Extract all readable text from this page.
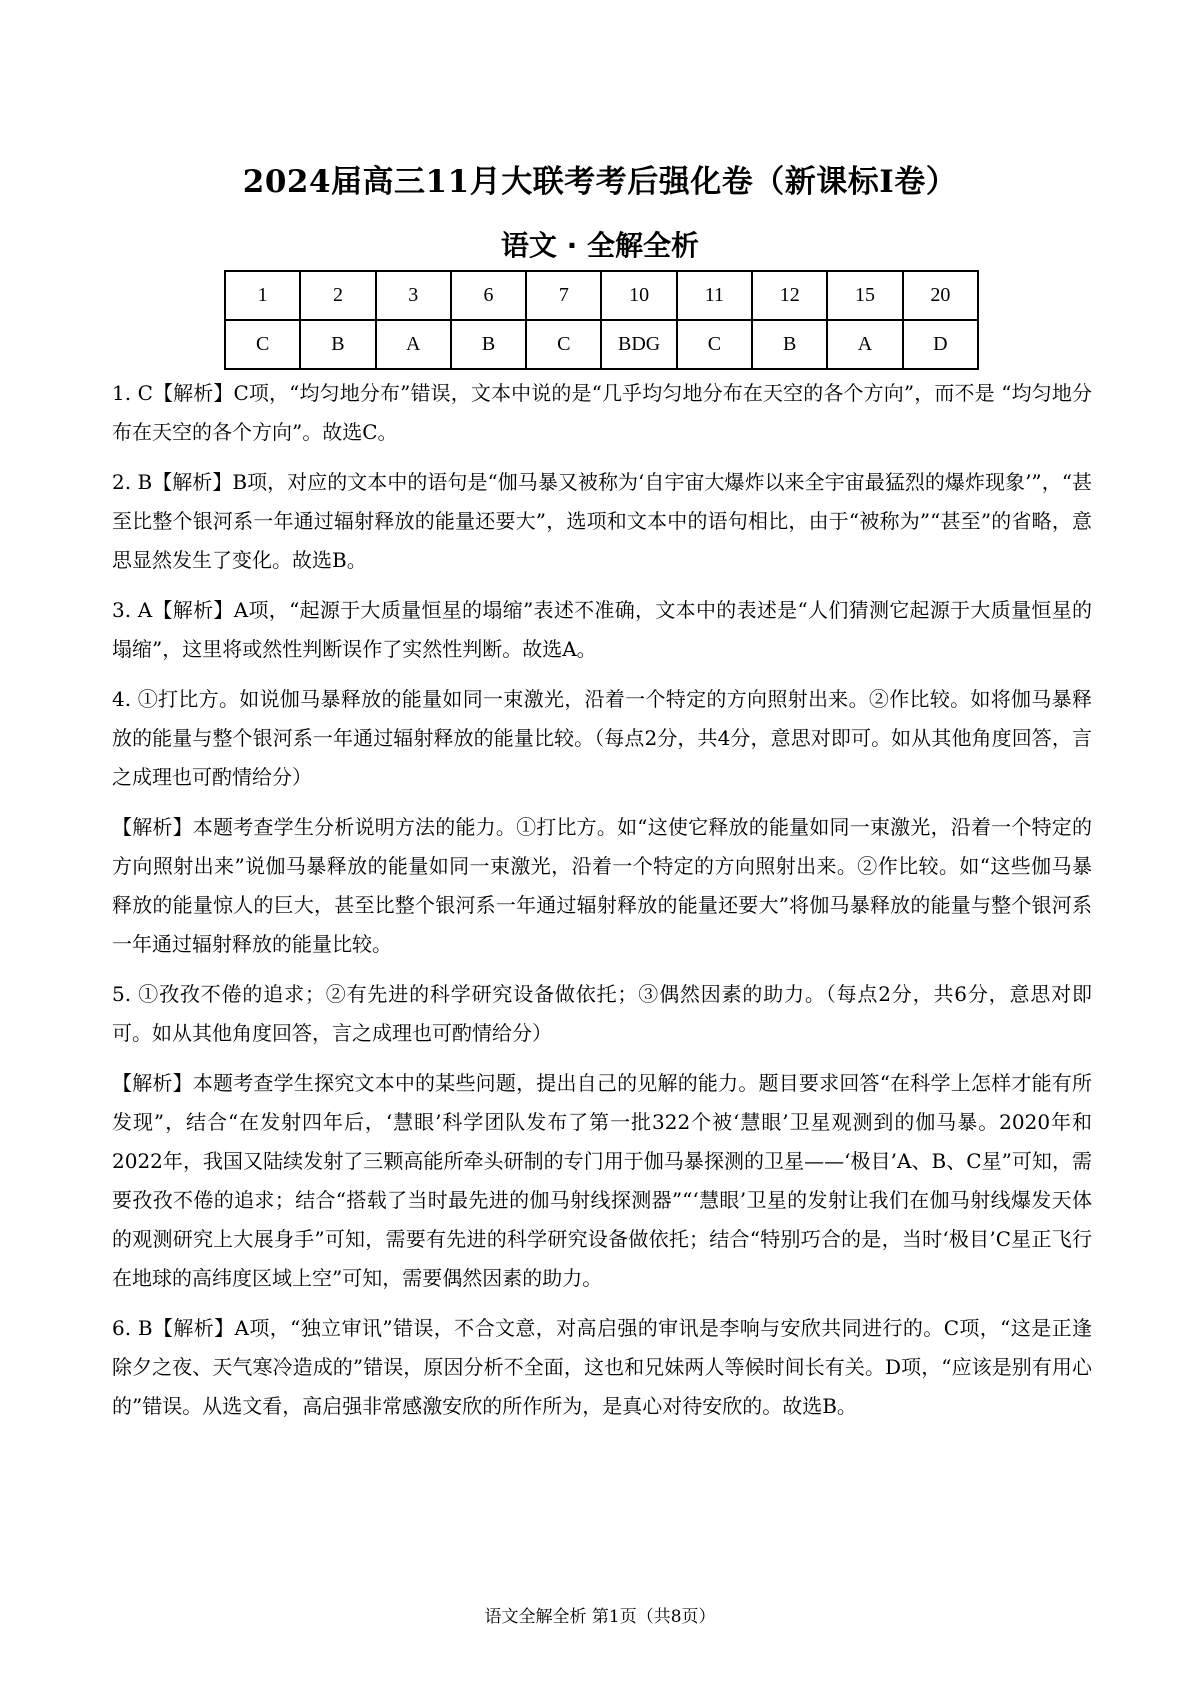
2024届高三11月大联考考后强化卷（新课标I卷）
语文 · 全解全析
1	2	3	6	7	10	11	12	15	20
C	B	A	B	C	BDG	C	B	A	D

1. C【解析】C项，“均匀地分布”错误，文本中说的是“几乎均匀地分布在天空的各个方向”，而不是 “均匀地分布在天空的各个方向”。故选C。

2. B【解析】B项，对应的文本中的语句是“伽马暴又被称为‘自宇宙大爆炸以来全宇宙最猛烈的爆炸现象’”，“甚至比整个银河系一年通过辐射释放的能量还要大”，选项和文本中的语句相比，由于“被称为”“甚至”的省略，意思显然发生了变化。故选B。

3. A【解析】A项，“起源于大质量恒星的塌缩”表述不准确，文本中的表述是“人们猜测它起源于大质量恒星的塌缩”，这里将或然性判断误作了实然性判断。故选A。

4. ①打比方。如说伽马暴释放的能量如同一束激光，沿着一个特定的方向照射出来。②作比较。如将伽马暴释放的能量与整个银河系一年通过辐射释放的能量比较。（每点2分，共4分，意思对即可。如从其他角度回答，言之成理也可酌情给分）

【解析】本题考查学生分析说明方法的能力。①打比方。如“这使它释放的能量如同一束激光，沿着一个特定的方向照射出来”说伽马暴释放的能量如同一束激光，沿着一个特定的方向照射出来。②作比较。如“这些伽马暴释放的能量惊人的巨大，甚至比整个银河系一年通过辐射释放的能量还要大”将伽马暴释放的能量与整个银河系一年通过辐射释放的能量比较。

5. ①孜孜不倦的追求；②有先进的科学研究设备做依托；③偶然因素的助力。（每点2分，共6分，意思对即可。如从其他角度回答，言之成理也可酌情给分）

【解析】本题考查学生探究文本中的某些问题，提出自己的见解的能力。题目要求回答“在科学上怎样才能有所发现”，结合“在发射四年后，‘慧眼’科学团队发布了第一批322个被‘慧眼’卫星观测到的伽马暴。2020年和2022年，我国又陆续发射了三颗高能所牵头研制的专门用于伽马暴探测的卫星——‘极目’A、B、C星”可知，需要孜孜不倦的追求；结合“搭载了当时最先进的伽马射线探测器”“‘慧眼’卫星的发射让我们在伽马射线爆发天体的观测研究上大展身手”可知，需要有先进的科学研究设备做依托；结合“特别巧合的是，当时‘极目’C星正飞行在地球的高纬度区域上空”可知，需要偶然因素的助力。

6. B【解析】A项，“独立审讯”错误，不合文意，对高启强的审讯是李响与安欣共同进行的。C项，“这是正逢除夕之夜、天气寒冷造成的”错误，原因分析不全面，这也和兄妹两人等候时间长有关。D项，“应该是别有用心的”错误。从选文看，高启强非常感激安欣的所作所为，是真心对待安欣的。故选B。

语文全解全析 第1页（共8页）
